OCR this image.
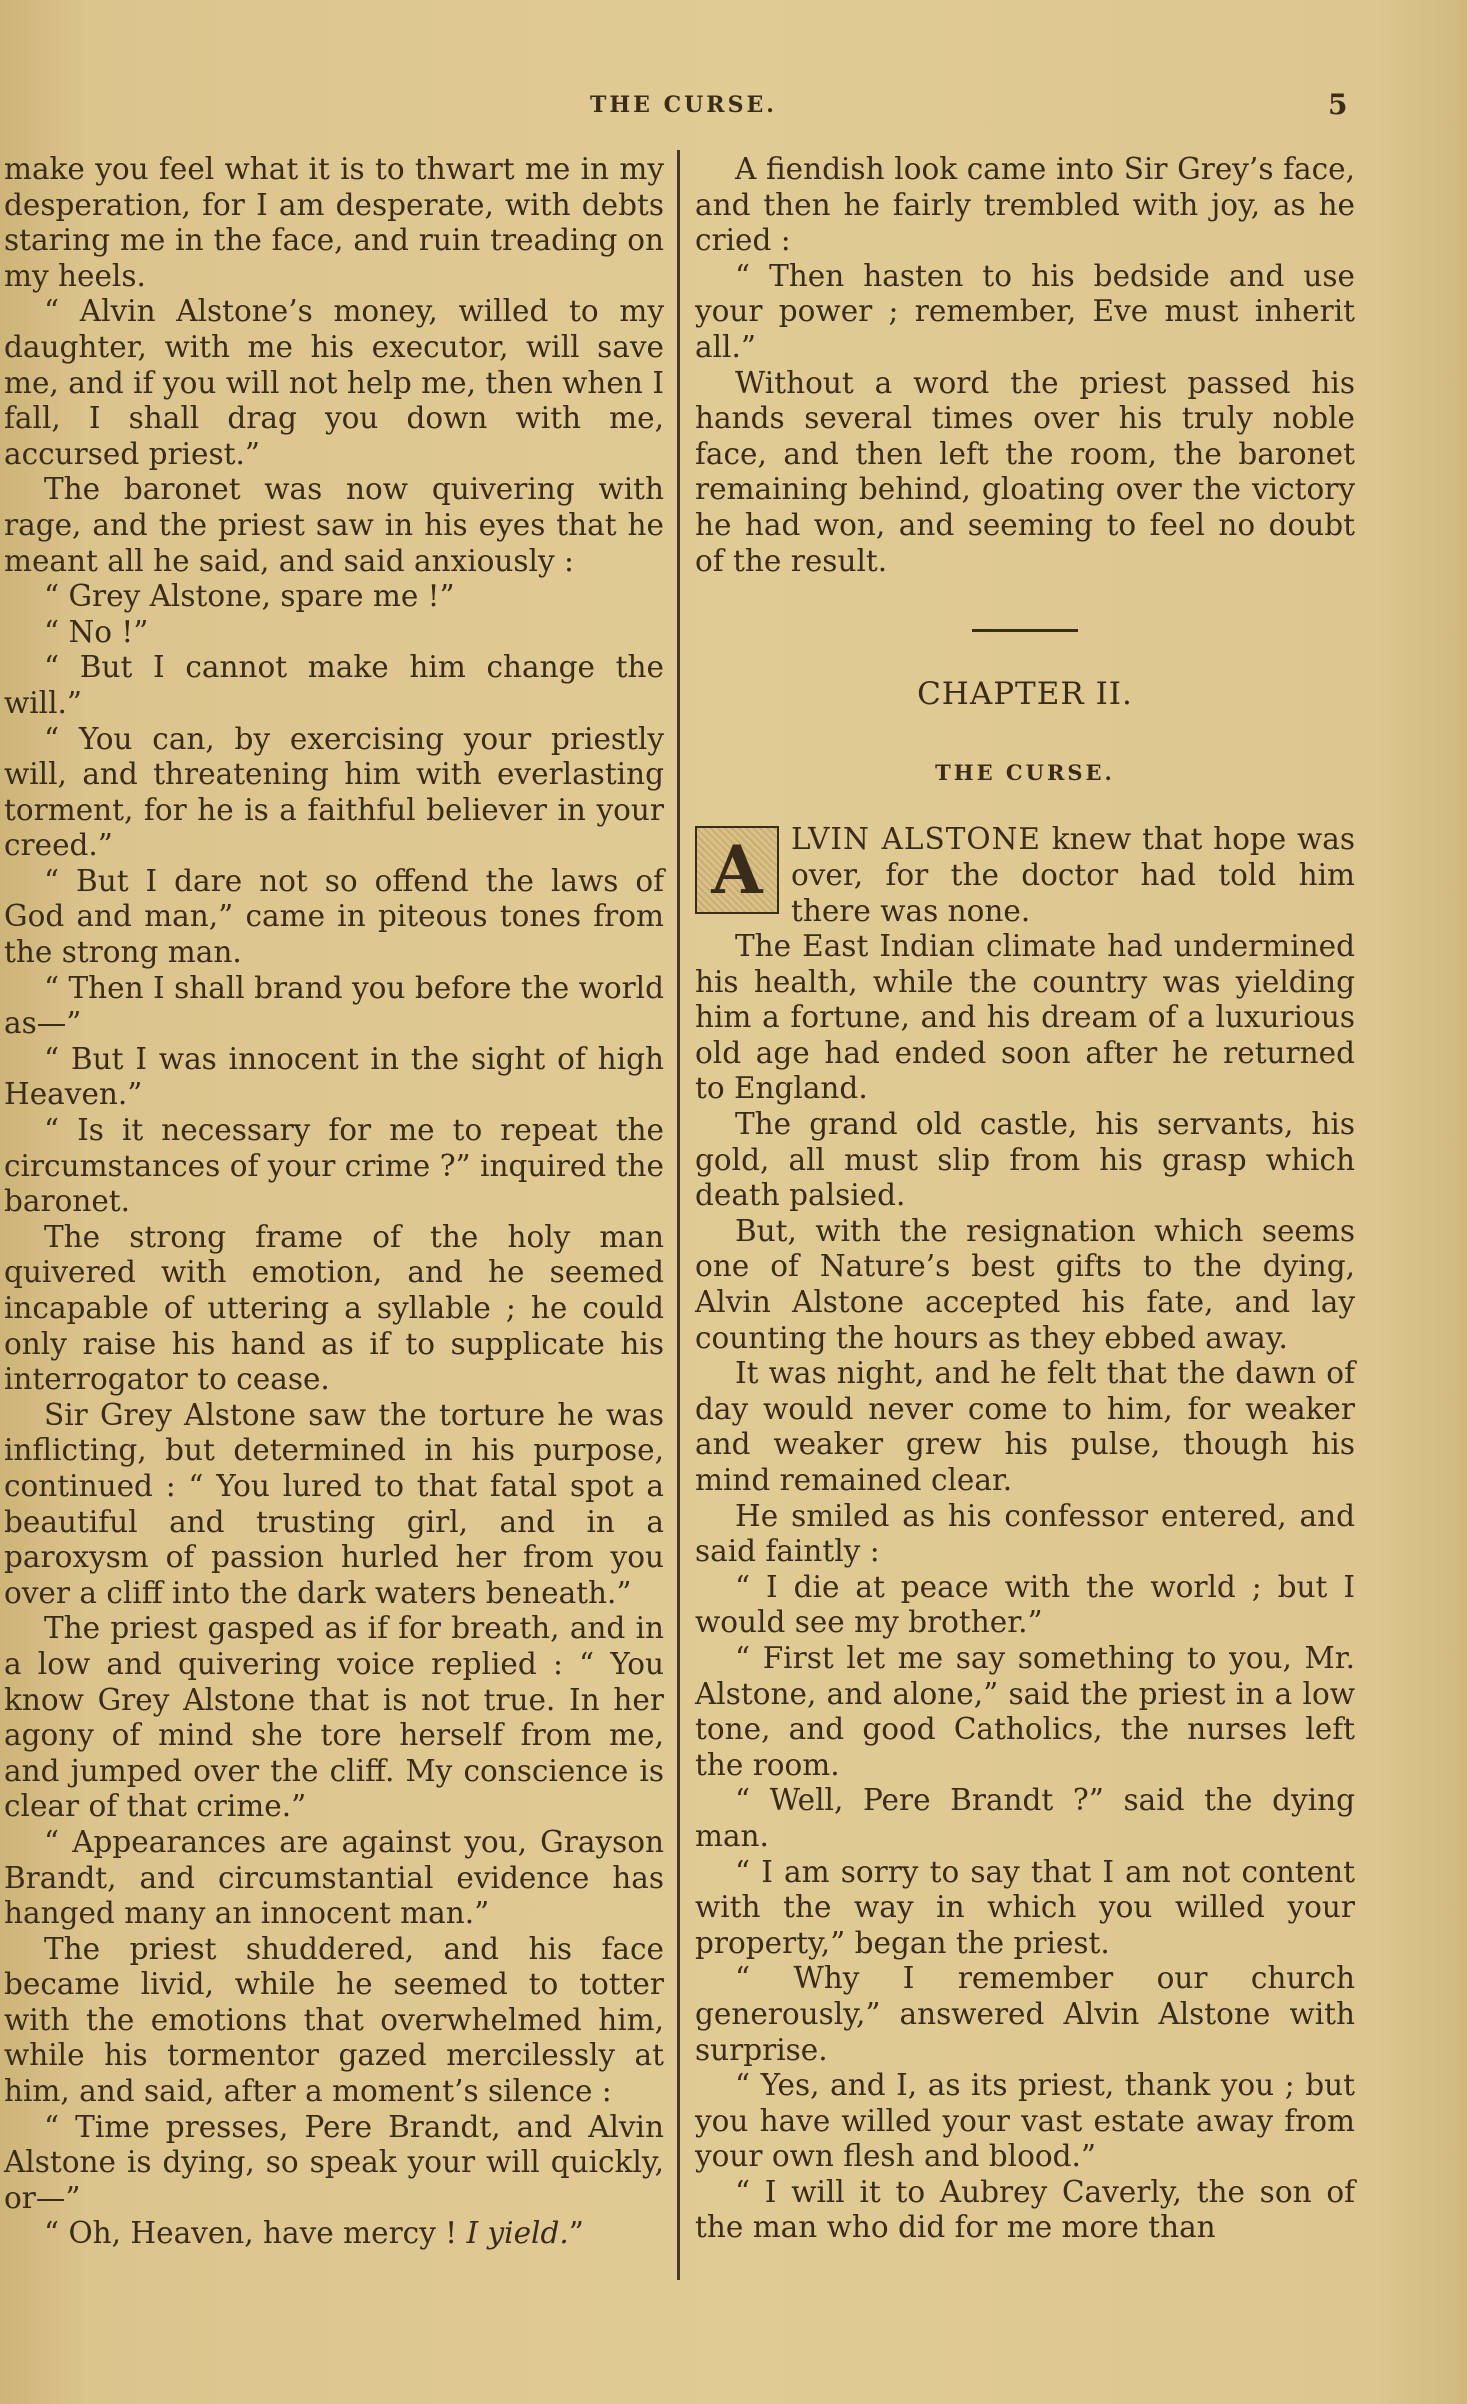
THE CURSE.	5

make you feel what it is to thwart me in my desperation, for I am desperate, with debts staring me in the face, and ruin treading on my heels.

“ Alvin Alstone’s money, willed to my daughter, with me his executor, will save me, and if you will not help me, then when I fall, I shall drag you down with me, accursed priest.”

The baronet was now quivering with rage, and the priest saw in his eyes that he meant all he said, and said anxiously :

“ Grey Alstone, spare me !”

“ No !”

“ But I cannot make him change the will.”

“ You can, by exercising your priestly will, and threatening him with everlasting torment, for he is a faithful believer in your creed.”

“ But I dare not so offend the laws of God and man,” came in piteous tones from the strong man.

“ Then I shall brand you before the world as—”

“ But I was innocent in the sight of high Heaven.”

“ Is it necessary for me to repeat the circumstances of your crime ?” inquired the baronet.

The strong frame of the holy man quivered with emotion, and he seemed incapable of uttering a syllable ; he could only raise his hand as if to supplicate his interrogator to cease.

Sir Grey Alstone saw the torture he was inflicting, but determined in his purpose, continued : “ You lured to that fatal spot a beautiful and trusting girl, and in a paroxysm of passion hurled her from you over a cliff into the dark waters beneath.”

The priest gasped as if for breath, and in a low and quivering voice replied : “ You know Grey Alstone that is not true. In her agony of mind she tore herself from me, and jumped over the cliff. My conscience is clear of that crime.”

“ Appearances are against you, Grayson Brandt, and circumstantial evidence has hanged many an innocent man.”

The priest shuddered, and his face became livid, while he seemed to totter with the emotions that overwhelmed him, while his tormentor gazed mercilessly at him, and said, after a moment’s silence :

“ Time presses, Pere Brandt, and Alvin Alstone is dying, so speak your will quickly, or—”

“ Oh, Heaven, have mercy ! I yield.”

A fiendish look came into Sir Grey’s face, and then he fairly trembled with joy, as he cried :

“ Then hasten to his bedside and use your power ; remember, Eve must inherit all.”

Without a word the priest passed his hands several times over his truly noble face, and then left the room, the baronet remaining behind, gloating over the victory he had won, and seeming to feel no doubt of the result.

CHAPTER II.

THE CURSE.

A LVIN ALSTONE knew that hope was over, for the doctor had told him there was none.

The East Indian climate had undermined his health, while the country was yielding him a fortune, and his dream of a luxurious old age had ended soon after he returned to England.

The grand old castle, his servants, his gold, all must slip from his grasp which death palsied.

But, with the resignation which seems one of Nature’s best gifts to the dying, Alvin Alstone accepted his fate, and lay counting the hours as they ebbed away.

It was night, and he felt that the dawn of day would never come to him, for weaker and weaker grew his pulse, though his mind remained clear.

He smiled as his confessor entered, and said faintly :

“ I die at peace with the world ; but I would see my brother.”

“ First let me say something to you, Mr. Alstone, and alone,” said the priest in a low tone, and good Catholics, the nurses left the room.

“ Well, Pere Brandt ?” said the dying man.

“ I am sorry to say that I am not content with the way in which you willed your property,” began the priest.

“ Why I remember our church generously,” answered Alvin Alstone with surprise.

“ Yes, and I, as its priest, thank you ; but you have willed your vast estate away from your own flesh and blood.”

“ I will it to Aubrey Caverly, the son of the man who did for me more than
